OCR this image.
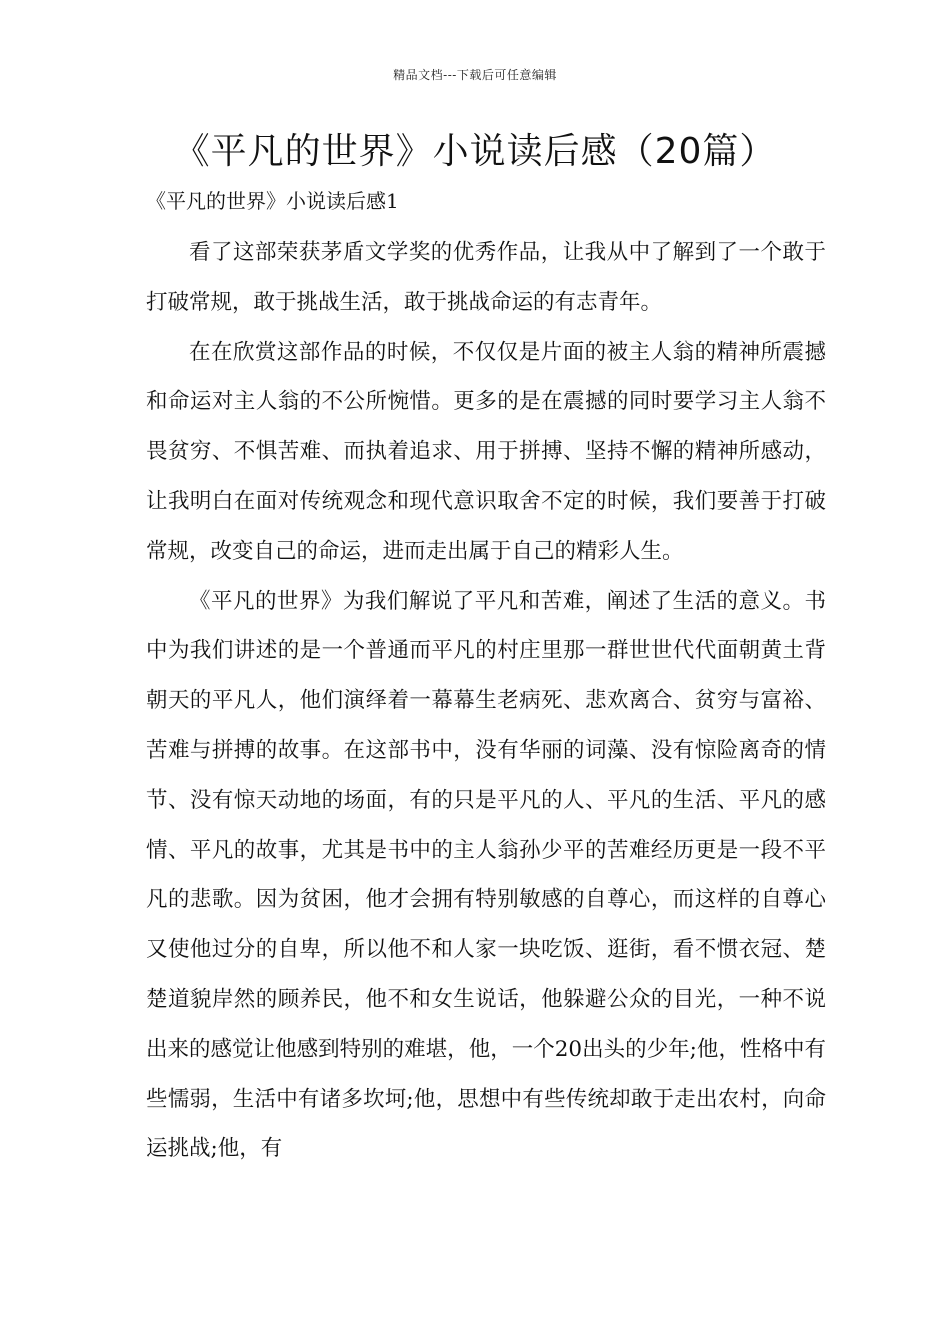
精品文档---下载后可任意编辑
《平凡的世界》小说读后感（20篇）

《平凡的世界》小说读后感1

看了这部荣获茅盾文学奖的优秀作品，让我从中了解到了一个敢于打破常规，敢于挑战生活，敢于挑战命运的有志青年。

在在欣赏这部作品的时候，不仅仅是片面的被主人翁的精神所震撼和命运对主人翁的不公所惋惜。更多的是在震撼的同时要学习主人翁不畏贫穷、不惧苦难、而执着追求、用于拼搏、坚持不懈的精神所感动，让我明白在面对传统观念和现代意识取舍不定的时候，我们要善于打破常规，改变自己的命运，进而走出属于自己的精彩人生。

《平凡的世界》为我们解说了平凡和苦难，阐述了生活的意义。书中为我们讲述的是一个普通而平凡的村庄里那一群世世代代面朝黄土背朝天的平凡人，他们演绎着一幕幕生老病死、悲欢离合、贫穷与富裕、苦难与拼搏的故事。在这部书中，没有华丽的词藻、没有惊险离奇的情节、没有惊天动地的场面，有的只是平凡的人、平凡的生活、平凡的感情、平凡的故事，尤其是书中的主人翁孙少平的苦难经历更是一段不平凡的悲歌。因为贫困，他才会拥有特别敏感的自尊心，而这样的自尊心又使他过分的自卑，所以他不和人家一块吃饭、逛街，看不惯衣冠、楚楚道貌岸然的顾养民，他不和女生说话，他躲避公众的目光，一种不说出来的感觉让他感到特别的难堪，他，一个20出头的少年;他，性格中有些懦弱，生活中有诸多坎坷;他，思想中有些传统却敢于走出农村，向命运挑战;他，有
